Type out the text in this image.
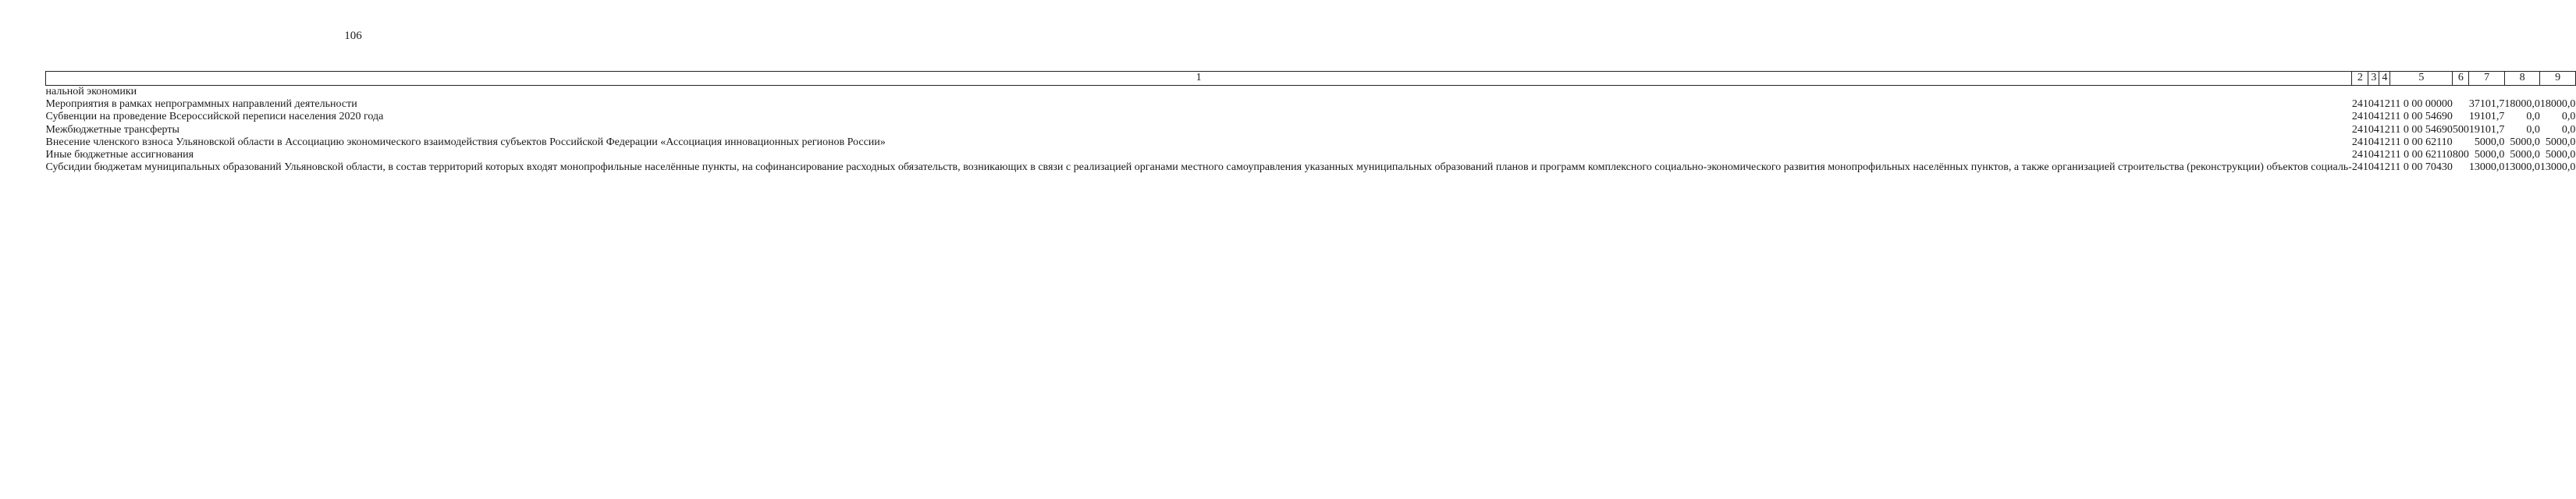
106
1	2	3	4	5	6	7	8	9
нальной экономики								
Мероприятия в рамках непрограммных направлений деятельности	241	04	12	11 0 00 00000		37101,7	18000,0	18000,0
Субвенции на проведение Всероссийской переписи населения 2020 года	241	04	12	11 0 00 54690		19101,7	0,0	0,0
Межбюджетные трансферты	241	04	12	11 0 00 54690	500	19101,7	0,0	0,0
Внесение членского взноса Ульяновской области в Ассоциацию экономического взаимодействия субъектов Российской Федерации «Ассоциация инновационных регионов России»	241	04	12	11 0 00 62110		5000,0	5000,0	5000,0
Иные бюджетные ассигнования	241	04	12	11 0 00 62110	800	5000,0	5000,0	5000,0
Субсидии бюджетам муниципальных образований Ульяновской области, в состав территорий которых входят монопрофильные населённые пункты, на софинансирование расходных обязательств, возникающих в связи с реализацией органами местного самоуправления указанных муниципальных образований планов и программ комплексного социально-экономического развития монопрофильных населённых пунктов, а также организацией строительства (реконструкции) объектов социаль-	241	04	12	11 0 00 70430		13000,0	13000,0	13000,0
